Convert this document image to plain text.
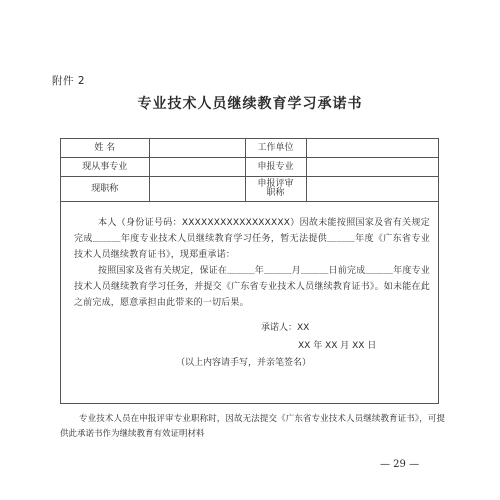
附件 2
专业技术人员继续教育学习承诺书
姓 名		工作单位	
现从事专业		申报专业	
现职称		申报评审
职称	

本人（身份证号码：XXXXXXXXXXXXXXXXX）因故未能按照国家及省有关规定完成＿＿＿年度专业技术人员继续教育学习任务，暂无法提供＿＿＿年度《广东省专业技术人员继续教育证书》，现郑重承诺：

按照国家及省有关规定，保证在＿＿＿年＿＿＿月＿＿＿日前完成＿＿＿年度专业技术人员继续教育学习任务，并提交《广东省专业技术人员继续教育证书》。如未能在此之前完成，愿意承担由此带来的一切后果。

承诺人：XX
XX 年 XX 月 XX 日
（以上内容请手写，并亲笔签名）
专业技术人员在申报评审专业职称时，因故无法提交《广东省专业技术人员继续教育证书》，可提供此承诺书作为继续教育有效证明材料
— 29 —
